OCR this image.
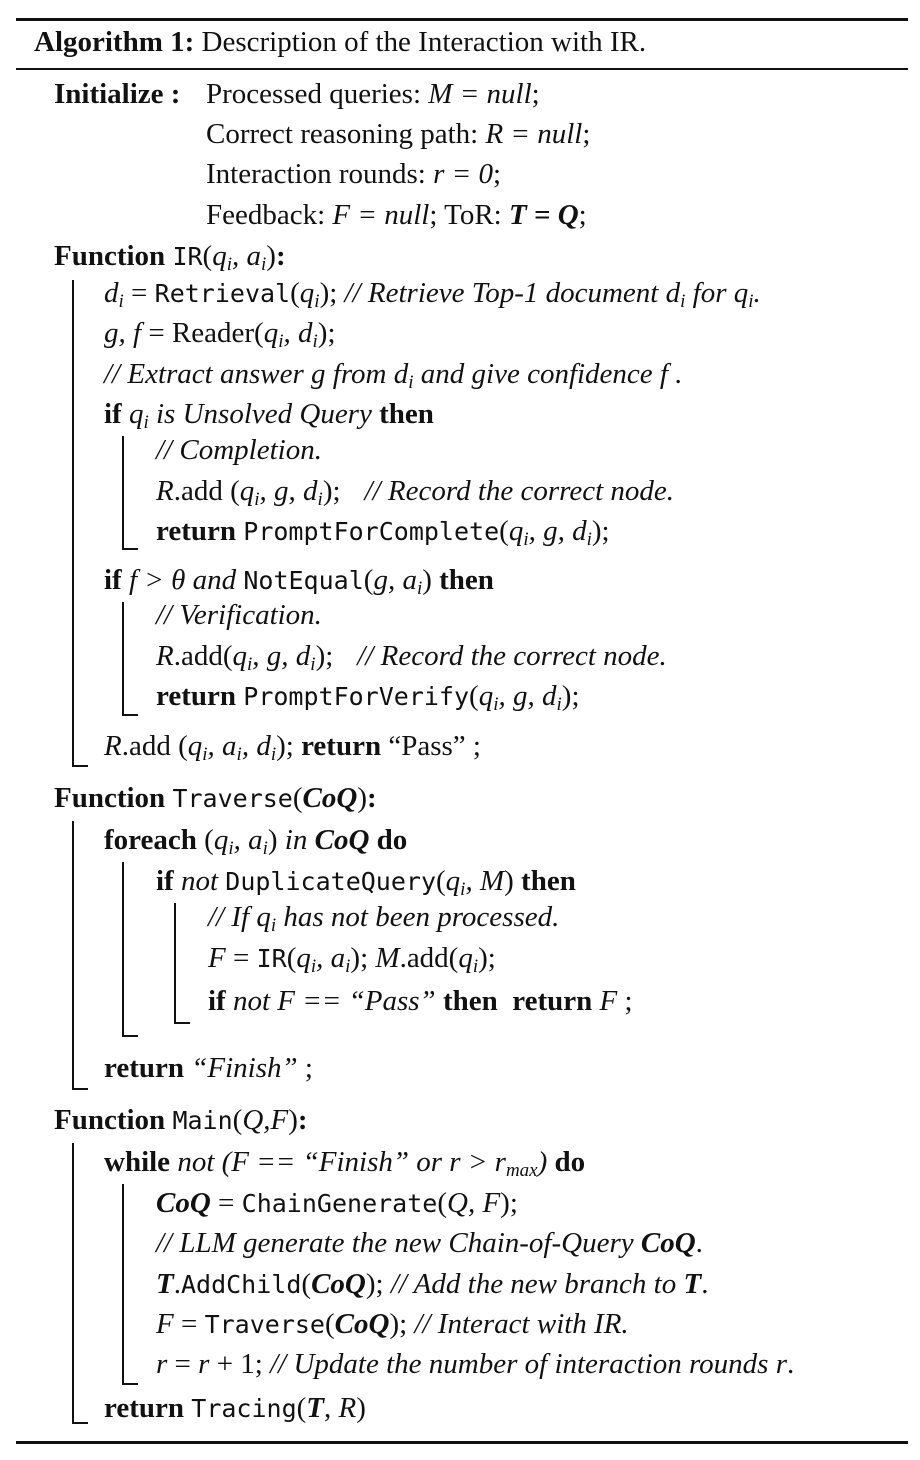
Algorithm 1: Description of the Interaction with IR.
Initialize : Processed queries: M = null;
Correct reasoning path: R = null;
Interaction rounds: r = 0;
Feedback: F = null; ToR: T = Q;
Function $IR(q_i$, $a_i$):
$d_i$ = $Retrieval(q_i)$; // Retrieve Top-1 document $d_i$ for $q_i$.
g, $f = Reader(q_i$, $d_i$);
// Extract answer g from $d_i$ and give confidence f .
if $q_i$ is Unsolved Query then
// Completion.
R.add ($q_i$, g, $d_i$); // Record the correct node.
return $PromptForComplete(q_i$, g, $d_i$);
if f > θ and NotEqual(g, $a_i$) then
// Verification.
$R.add(q_i$, g, $d_i$); // Record the correct node.
return $PromptForVerify(q_i$, g, $d_i$);
R.add ($q_i$, $a_i$, $d_i$); return “Pass” ;
Function Traverse(CoQ):
foreach ($q_i$, $a_i$) in CoQ do
if not $DuplicateQuery(q_i$, M) then
// If $q_i$ has not been processed.
$F = IR(q_i$, $a_i$); $M.add(q_i)$;
if not F == “Pass” then return F ;
return “Finish” ;
Function Main(Q,F):
while not (F == “Finish” or $r > r_{max}$) do
CoQ = ChainGenerate(Q, F);
// LLM generate the new Chain-of-Query CoQ.
T.AddChild(CoQ); // Add the new branch to T.
F = Traverse(CoQ); // Interact with IR.
r = r + 1; // Update the number of interaction rounds r.
return Tracing(T, R)
